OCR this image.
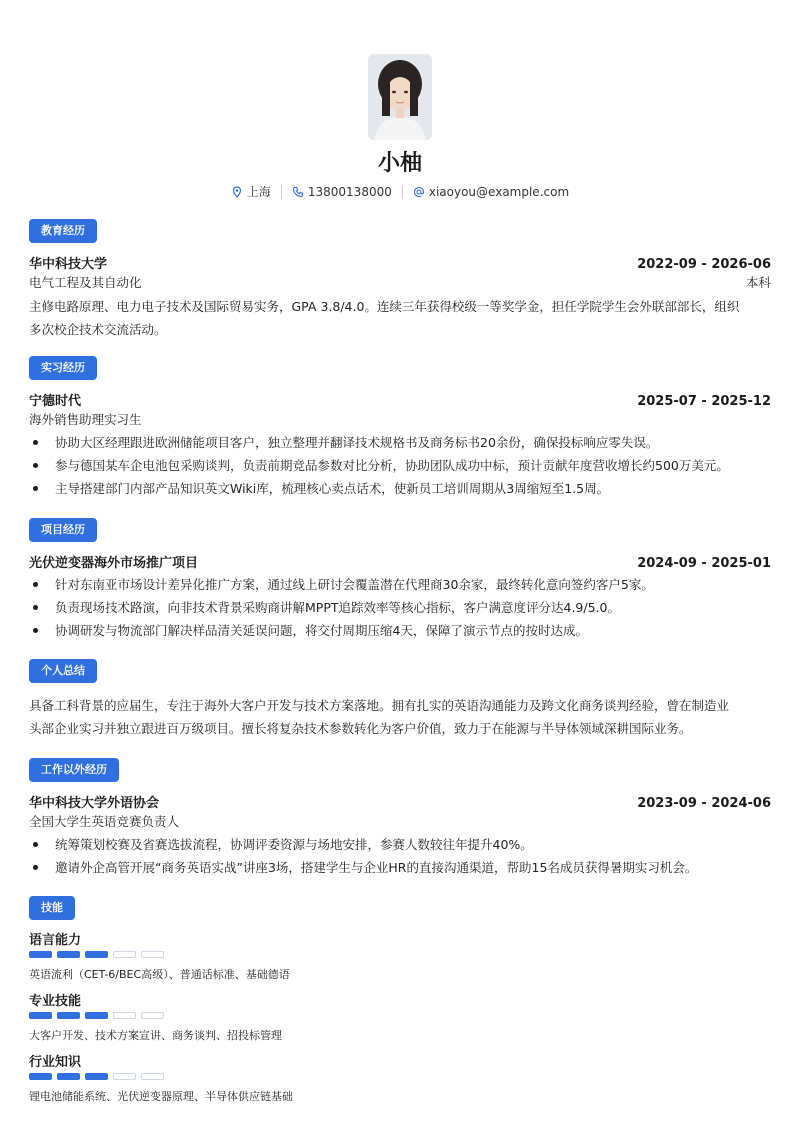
小柚
上海	13800138000	xiaoyou@example.com
教育经历
华中科技大学	2022-09 - 2026-06
电气工程及其自动化	本科
主修电路原理、电力电子技术及国际贸易实务，GPA 3.8/4.0。连续三年获得校级一等奖学金，担任学院学生会外联部部长，组织
多次校企技术交流活动。
实习经历
宁德时代	2025-07 - 2025-12
海外销售助理实习生
协助大区经理跟进欧洲储能项目客户，独立整理并翻译技术规格书及商务标书20余份，确保投标响应零失误。
参与德国某车企电池包采购谈判，负责前期竞品参数对比分析，协助团队成功中标，预计贡献年度营收增长约500万美元。
主导搭建部门内部产品知识英文Wiki库，梳理核心卖点话术，使新员工培训周期从3周缩短至1.5周。
项目经历
光伏逆变器海外市场推广项目	2024-09 - 2025-01
针对东南亚市场设计差异化推广方案，通过线上研讨会覆盖潜在代理商30余家，最终转化意向签约客户5家。
负责现场技术路演，向非技术背景采购商讲解MPPT追踪效率等核心指标，客户满意度评分达4.9/5.0。
协调研发与物流部门解决样品清关延误问题，将交付周期压缩4天，保障了演示节点的按时达成。
个人总结
具备工科背景的应届生，专注于海外大客户开发与技术方案落地。拥有扎实的英语沟通能力及跨文化商务谈判经验，曾在制造业
头部企业实习并独立跟进百万级项目。擅长将复杂技术参数转化为客户价值，致力于在能源与半导体领域深耕国际业务。
工作以外经历
华中科技大学外语协会	2023-09 - 2024-06
全国大学生英语竞赛负责人
统筹策划校赛及省赛选拔流程，协调评委资源与场地安排，参赛人数较往年提升40%。
邀请外企高管开展“商务英语实战”讲座3场，搭建学生与企业HR的直接沟通渠道，帮助15名成员获得暑期实习机会。
技能
语言能力
英语流利（CET-6/BEC高级）、普通话标准、基础德语
专业技能
大客户开发、技术方案宣讲、商务谈判、招投标管理
行业知识
锂电池储能系统、光伏逆变器原理、半导体供应链基础
